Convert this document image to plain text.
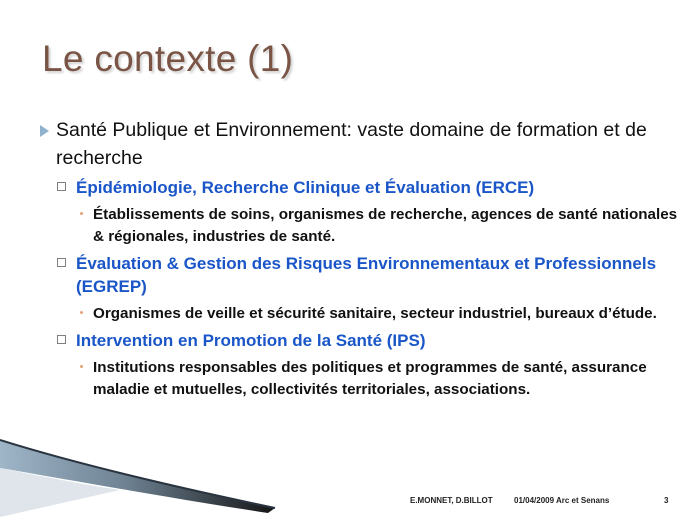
Le contexte (1)
Santé Publique et Environnement: vaste domaine de formation et de recherche
Épidémiologie, Recherche Clinique et Évaluation (ERCE)
Établissements de soins, organismes de recherche, agences de santé nationales & régionales, industries de santé.
Évaluation & Gestion des Risques Environnementaux et Professionnels (EGREP)
Organismes de veille et sécurité sanitaire, secteur industriel, bureaux d’étude.
Intervention en Promotion de la Santé (IPS)
Institutions responsables des politiques et programmes de santé, assurance maladie et mutuelles, collectivités territoriales, associations.
E.MONNET, D.BILLOT	01/04/2009 Arc et Senans	3
